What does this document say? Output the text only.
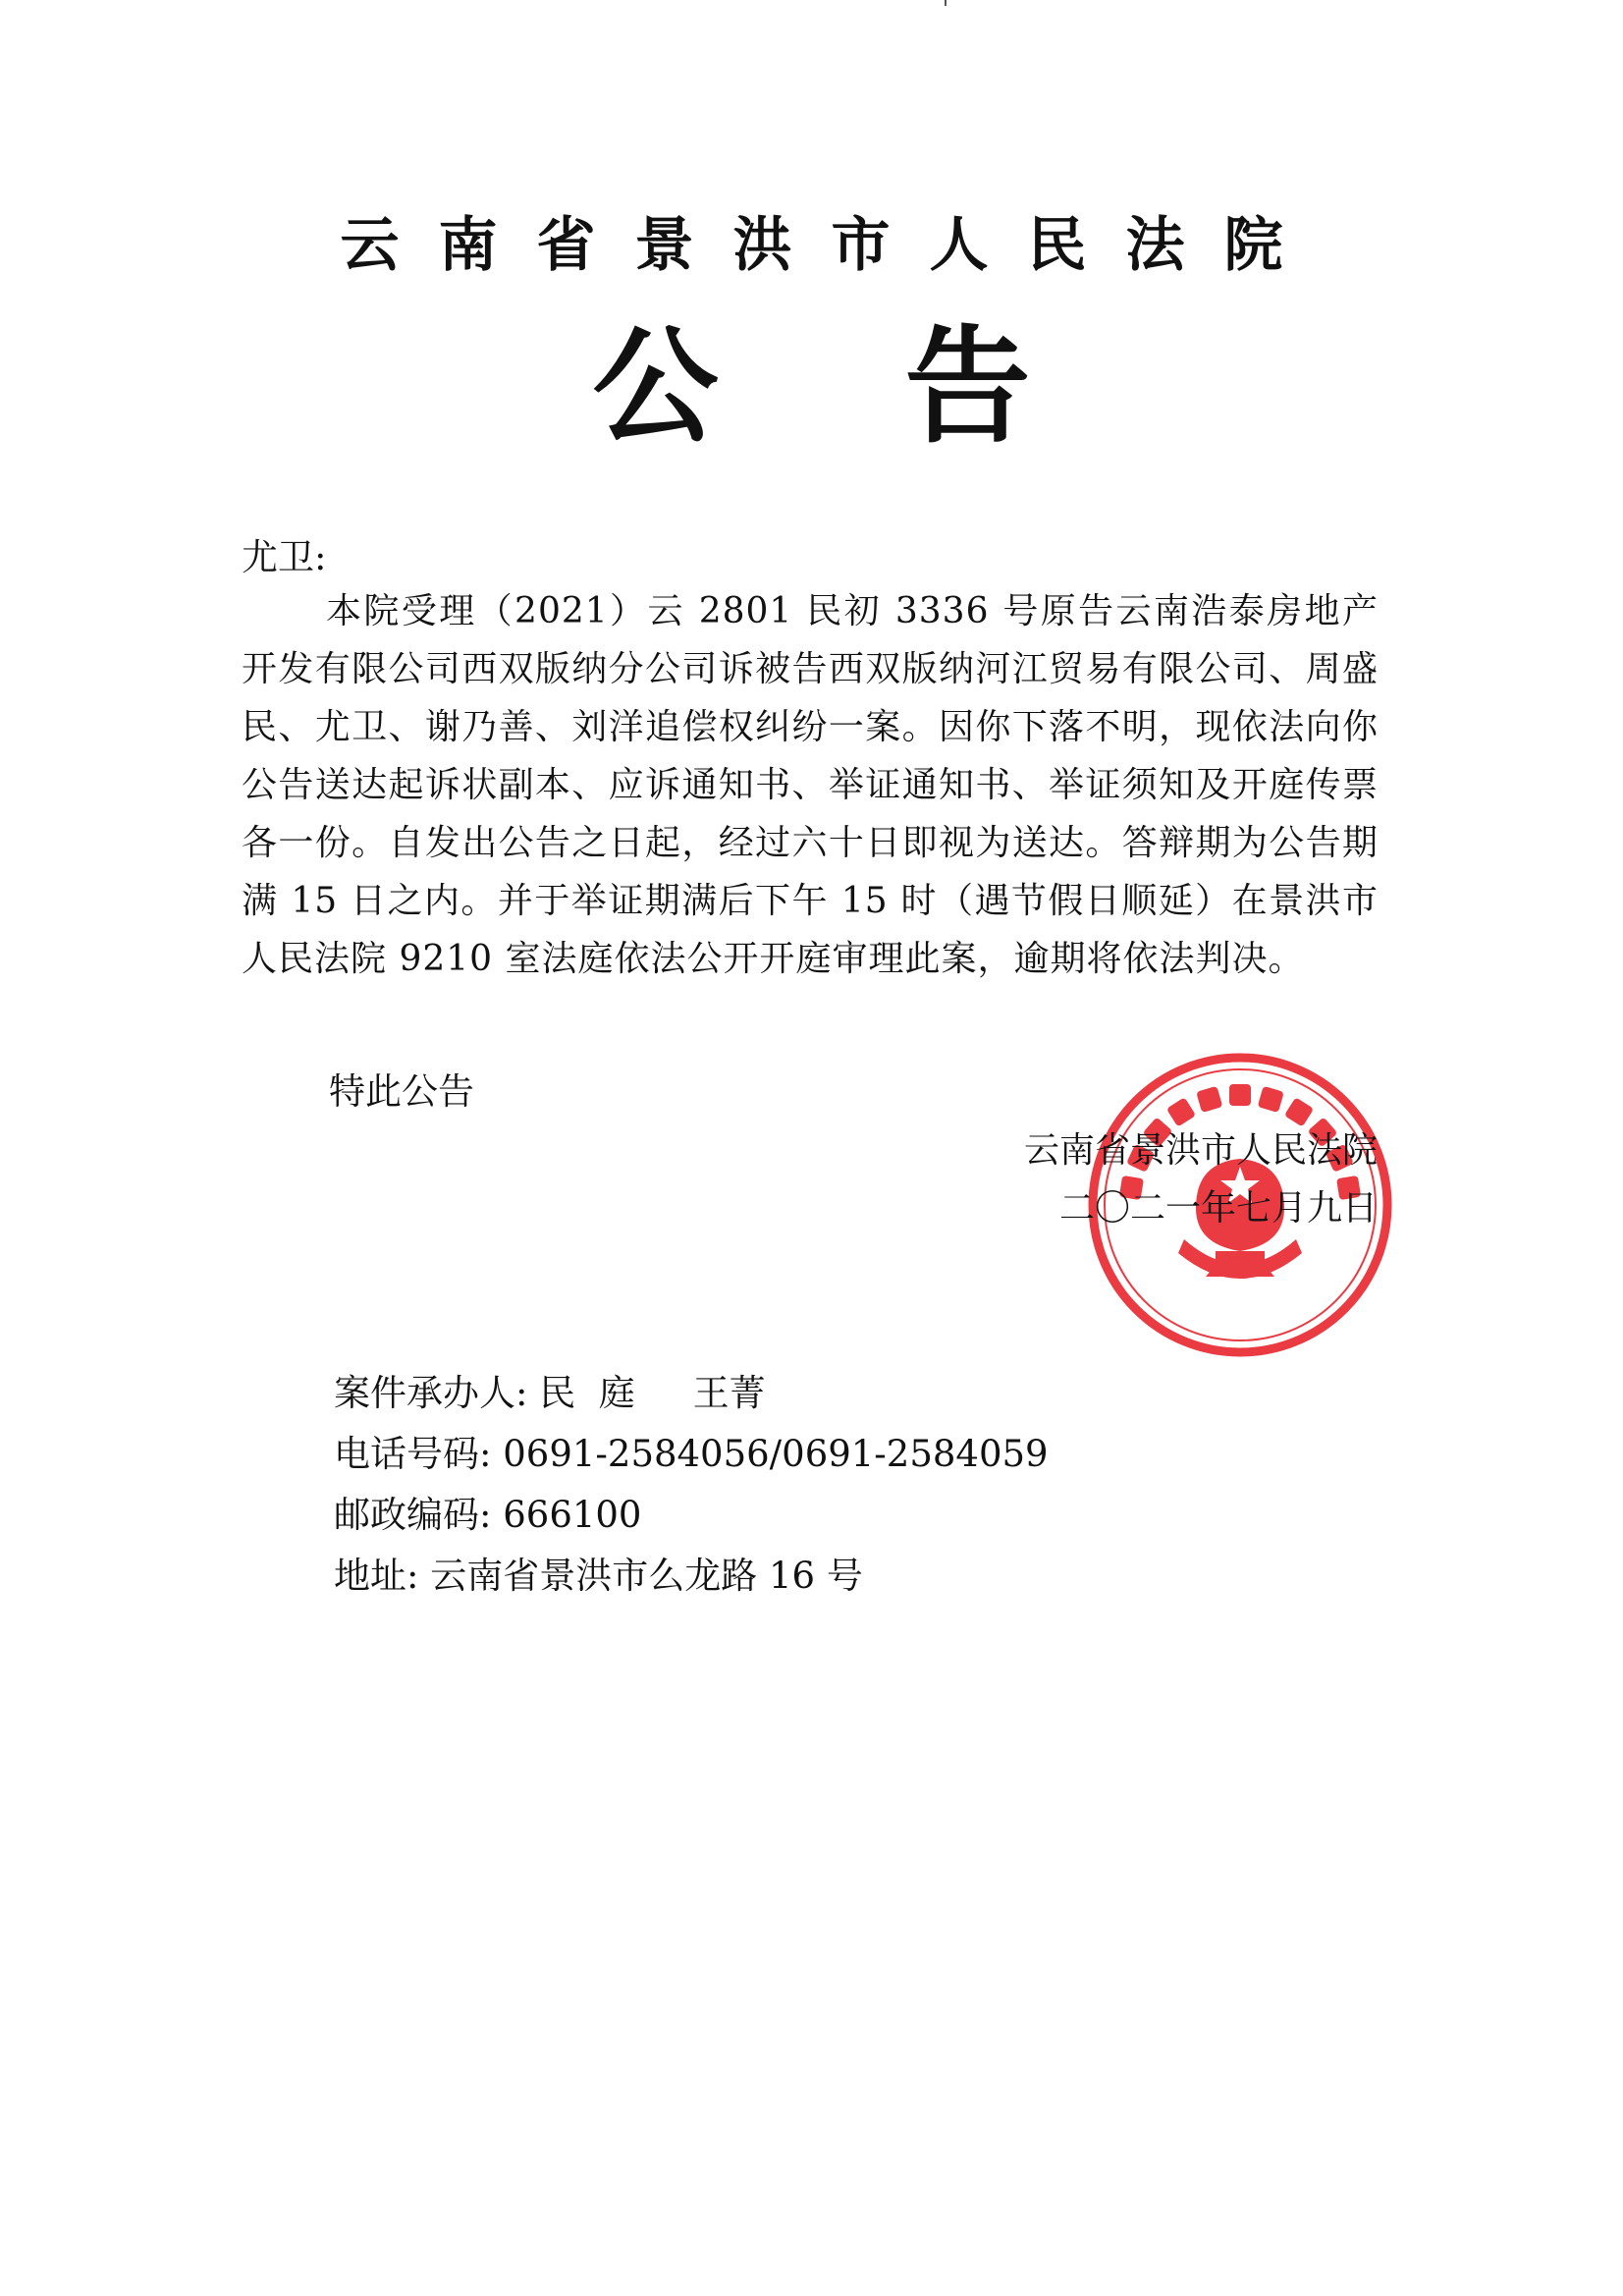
云南省景洪市人民法院
公告
尤卫:
本院受理（2021）云 2801 民初 3336 号原告云南浩泰房地产开发有限公司西双版纳分公司诉被告西双版纳河江贸易有限公司、周盛民、尤卫、谢乃善、刘洋追偿权纠纷一案。因你下落不明，现依法向你公告送达起诉状副本、应诉通知书、举证通知书、举证须知及开庭传票各一份。自发出公告之日起，经过六十日即视为送达。答辩期为公告期满 15 日之内。并于举证期满后下午 15 时（遇节假日顺延）在景洪市人民法院 9210 室法庭依法公开开庭审理此案，逾期将依法判决。
特此公告
云南省景洪市人民法院
二〇二一年七月九日
案件承办人: 民  庭     王菁
电话号码: 0691-2584056/0691-2584059
邮政编码: 666100
地址: 云南省景洪市么龙路 16 号
